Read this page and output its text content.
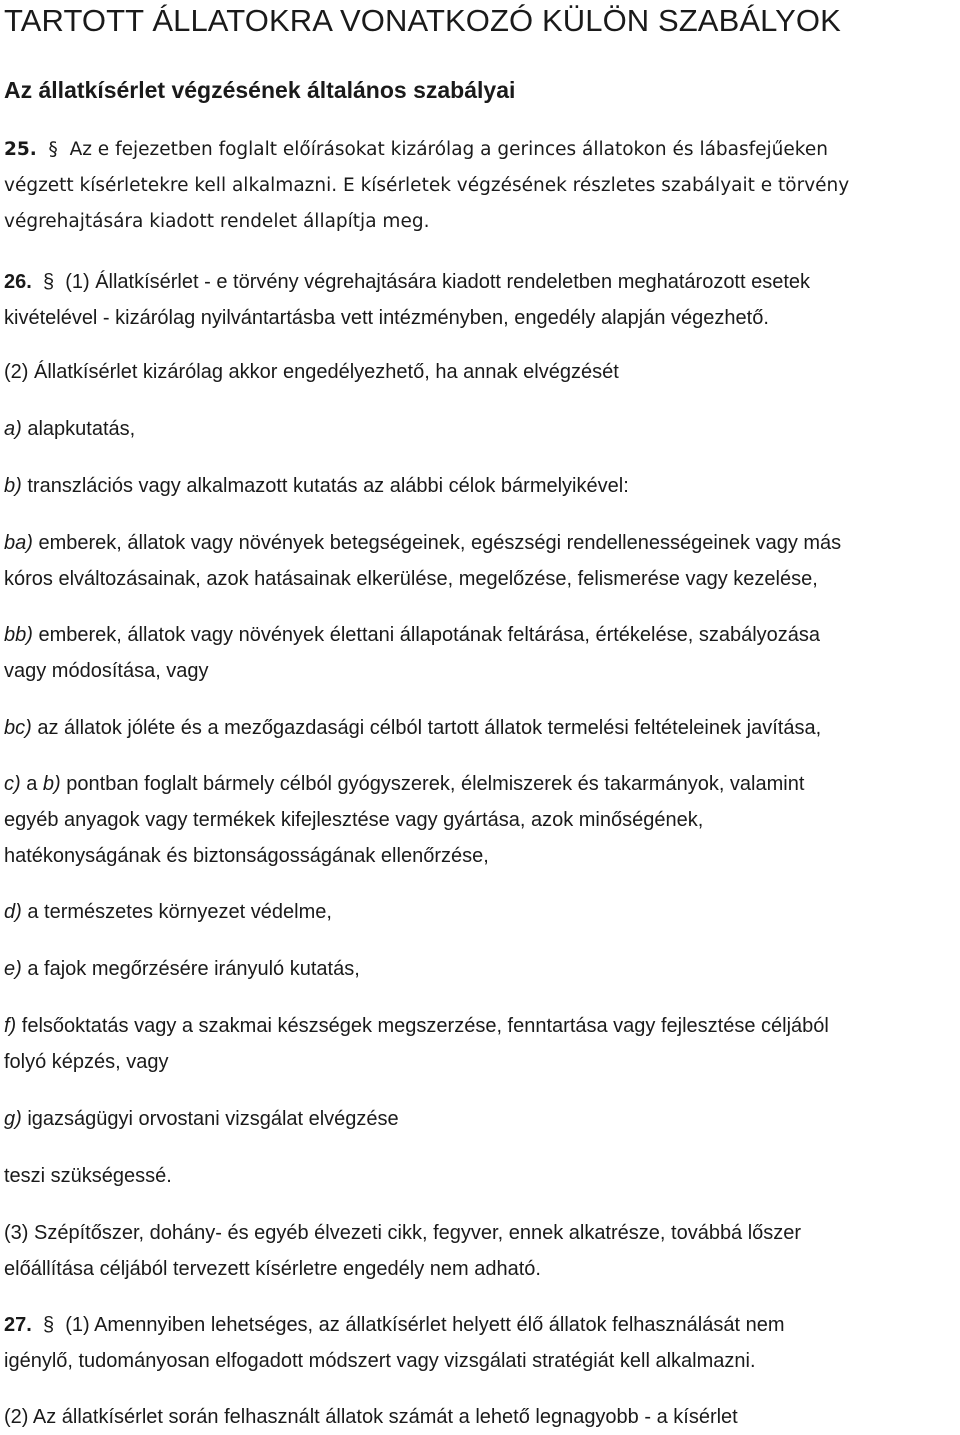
TARTOTT ÁLLATOKRA VONATKOZÓ KÜLÖN SZABÁLYOK
Az állatkísérlet végzésének általános szabályai
25. § Az e fejezetben foglalt előírásokat kizárólag a gerinces állatokon és lábasfejűeken
végzett kísérletekre kell alkalmazni. E kísérletek végzésének részletes szabályait e törvény
végrehajtására kiadott rendelet állapítja meg.
26. § (1) Állatkísérlet - e törvény végrehajtására kiadott rendeletben meghatározott esetek
kivételével - kizárólag nyilvántartásba vett intézményben, engedély alapján végezhető.
(2) Állatkísérlet kizárólag akkor engedélyezhető, ha annak elvégzését
a) alapkutatás,
b) transzlációs vagy alkalmazott kutatás az alábbi célok bármelyikével:
ba) emberek, állatok vagy növények betegségeinek, egészségi rendellenességeinek vagy más
kóros elváltozásainak, azok hatásainak elkerülése, megelőzése, felismerése vagy kezelése,
bb) emberek, állatok vagy növények élettani állapotának feltárása, értékelése, szabályozása
vagy módosítása, vagy
bc) az állatok jóléte és a mezőgazdasági célból tartott állatok termelési feltételeinek javítása,
c) a b) pontban foglalt bármely célból gyógyszerek, élelmiszerek és takarmányok, valamint
egyéb anyagok vagy termékek kifejlesztése vagy gyártása, azok minőségének,
hatékonyságának és biztonságosságának ellenőrzése,
d) a természetes környezet védelme,
e) a fajok megőrzésére irányuló kutatás,
f) felsőoktatás vagy a szakmai készségek megszerzése, fenntartása vagy fejlesztése céljából
folyó képzés, vagy
g) igazságügyi orvostani vizsgálat elvégzése
teszi szükségessé.
(3) Szépítőszer, dohány- és egyéb élvezeti cikk, fegyver, ennek alkatrésze, továbbá lőszer
előállítása céljából tervezett kísérletre engedély nem adható.
27. § (1) Amennyiben lehetséges, az állatkísérlet helyett élő állatok felhasználását nem
igénylő, tudományosan elfogadott módszert vagy vizsgálati stratégiát kell alkalmazni.
(2) Az állatkísérlet során felhasznált állatok számát a lehető legnagyobb - a kísérlet
